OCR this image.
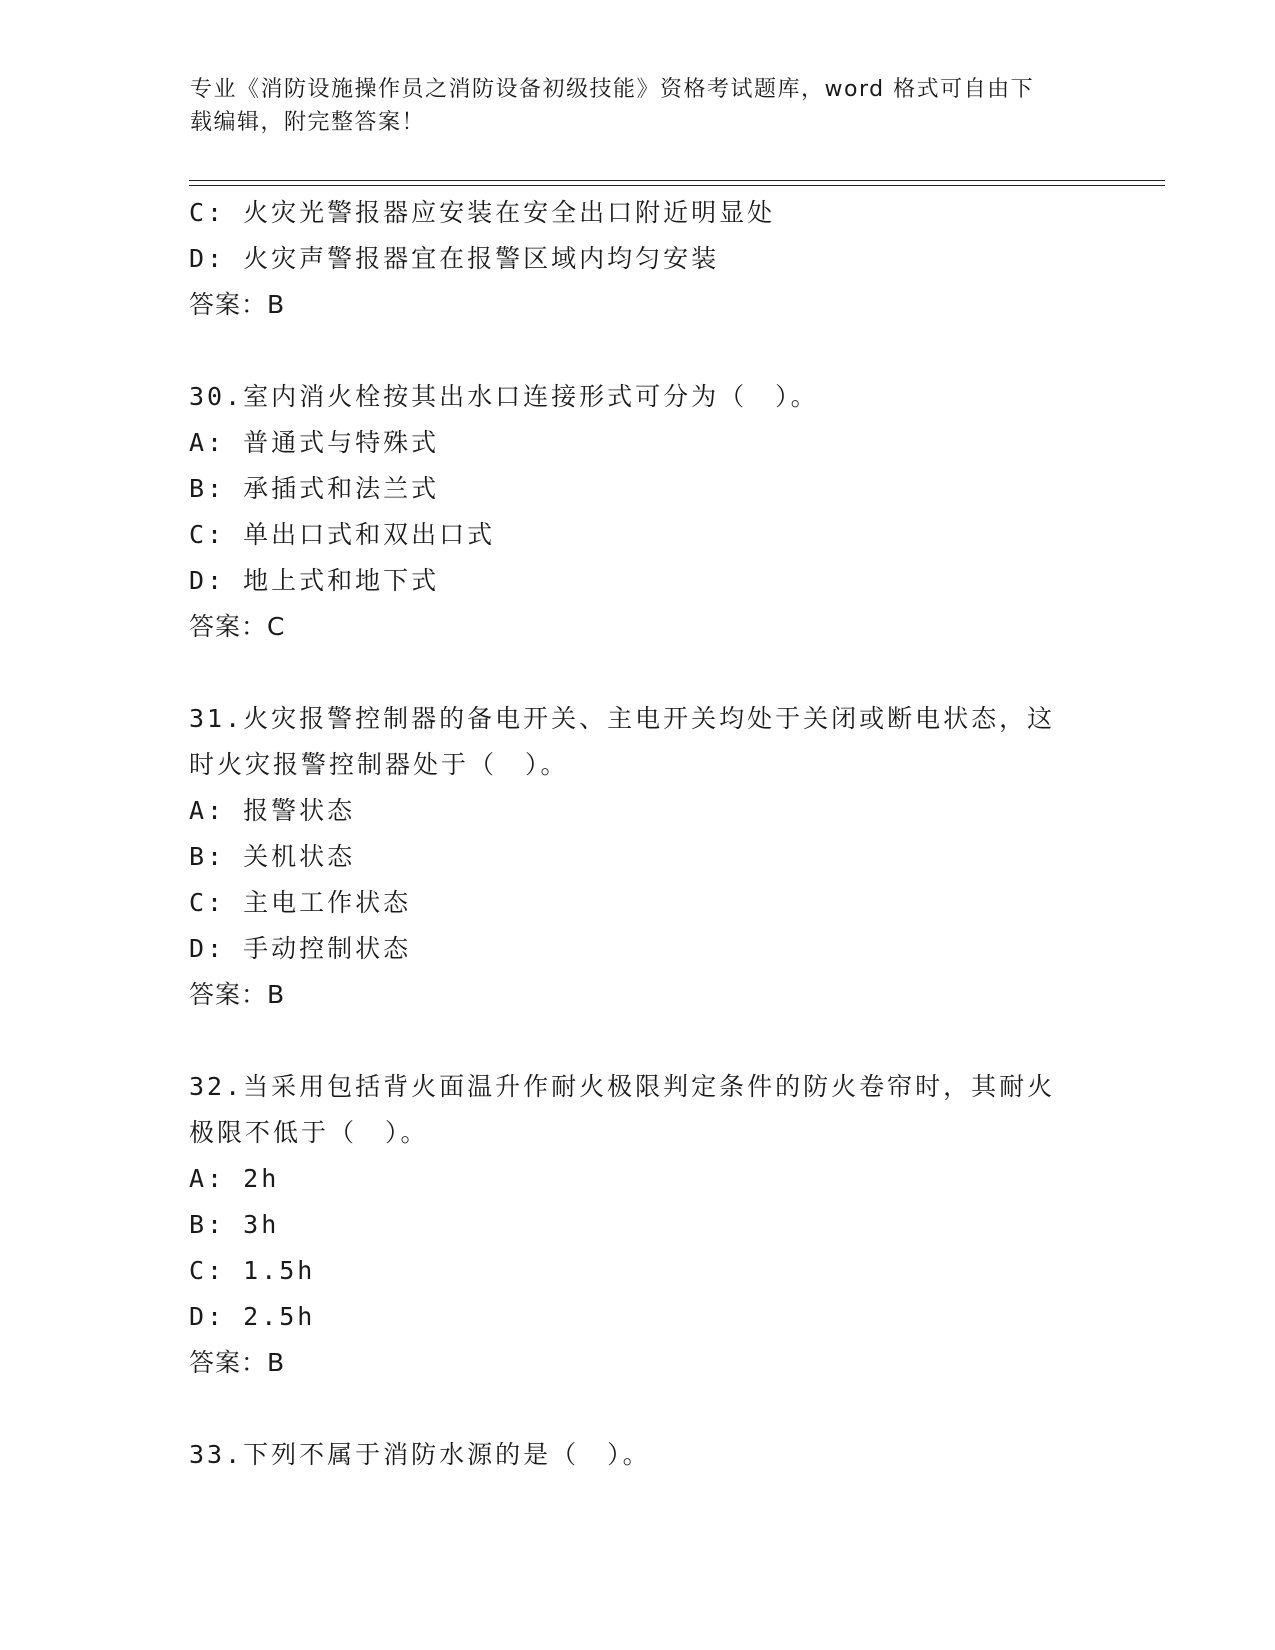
专业《消防设施操作员之消防设备初级技能》资格考试题库，word 格式可自由下
载编辑，附完整答案！
C: 火灾光警报器应安装在安全出口附近明显处
D: 火灾声警报器宜在报警区域内均匀安装
答案：B
30.室内消火栓按其出水口连接形式可分为（　）。
A: 普通式与特殊式
B: 承插式和法兰式
C: 单出口式和双出口式
D: 地上式和地下式
答案：C
31.火灾报警控制器的备电开关、主电开关均处于关闭或断电状态，这
时火灾报警控制器处于（　）。
A: 报警状态
B: 关机状态
C: 主电工作状态
D: 手动控制状态
答案：B
32.当采用包括背火面温升作耐火极限判定条件的防火卷帘时，其耐火
极限不低于（　）。
A: 2h
B: 3h
C: 1.5h
D: 2.5h
答案：B
33.下列不属于消防水源的是（　）。
